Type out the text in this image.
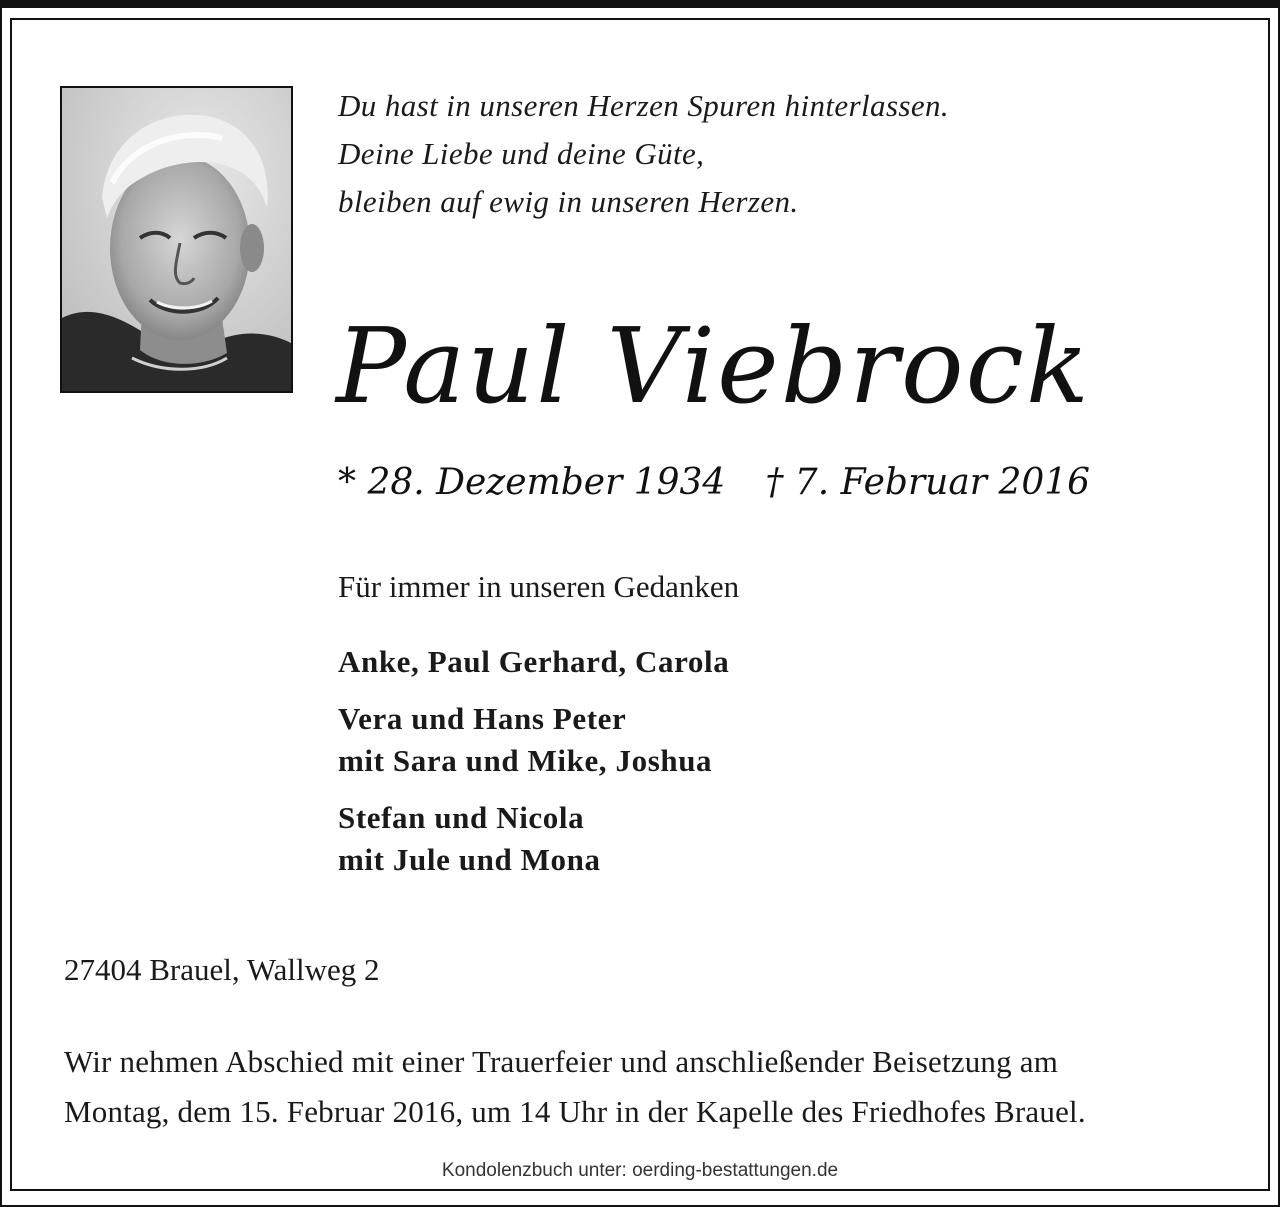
Du hast in unseren Herzen Spuren hinterlassen.
Deine Liebe und deine Güte,
bleiben auf ewig in unseren Herzen.
Paul Viebrock
* 28. Dezember 1934 † 7. Februar 2016
Für immer in unseren Gedanken
Anke, Paul Gerhard, Carola
Vera und Hans Peter
mit Sara und Mike, Joshua
Stefan und Nicola
mit Jule und Mona
27404 Brauel, Wallweg 2
Wir nehmen Abschied mit einer Trauerfeier und anschließender Beisetzung am
Montag, dem 15. Februar 2016, um 14 Uhr in der Kapelle des Friedhofes Brauel.
Kondolenzbuch unter: oerding-bestattungen.de
